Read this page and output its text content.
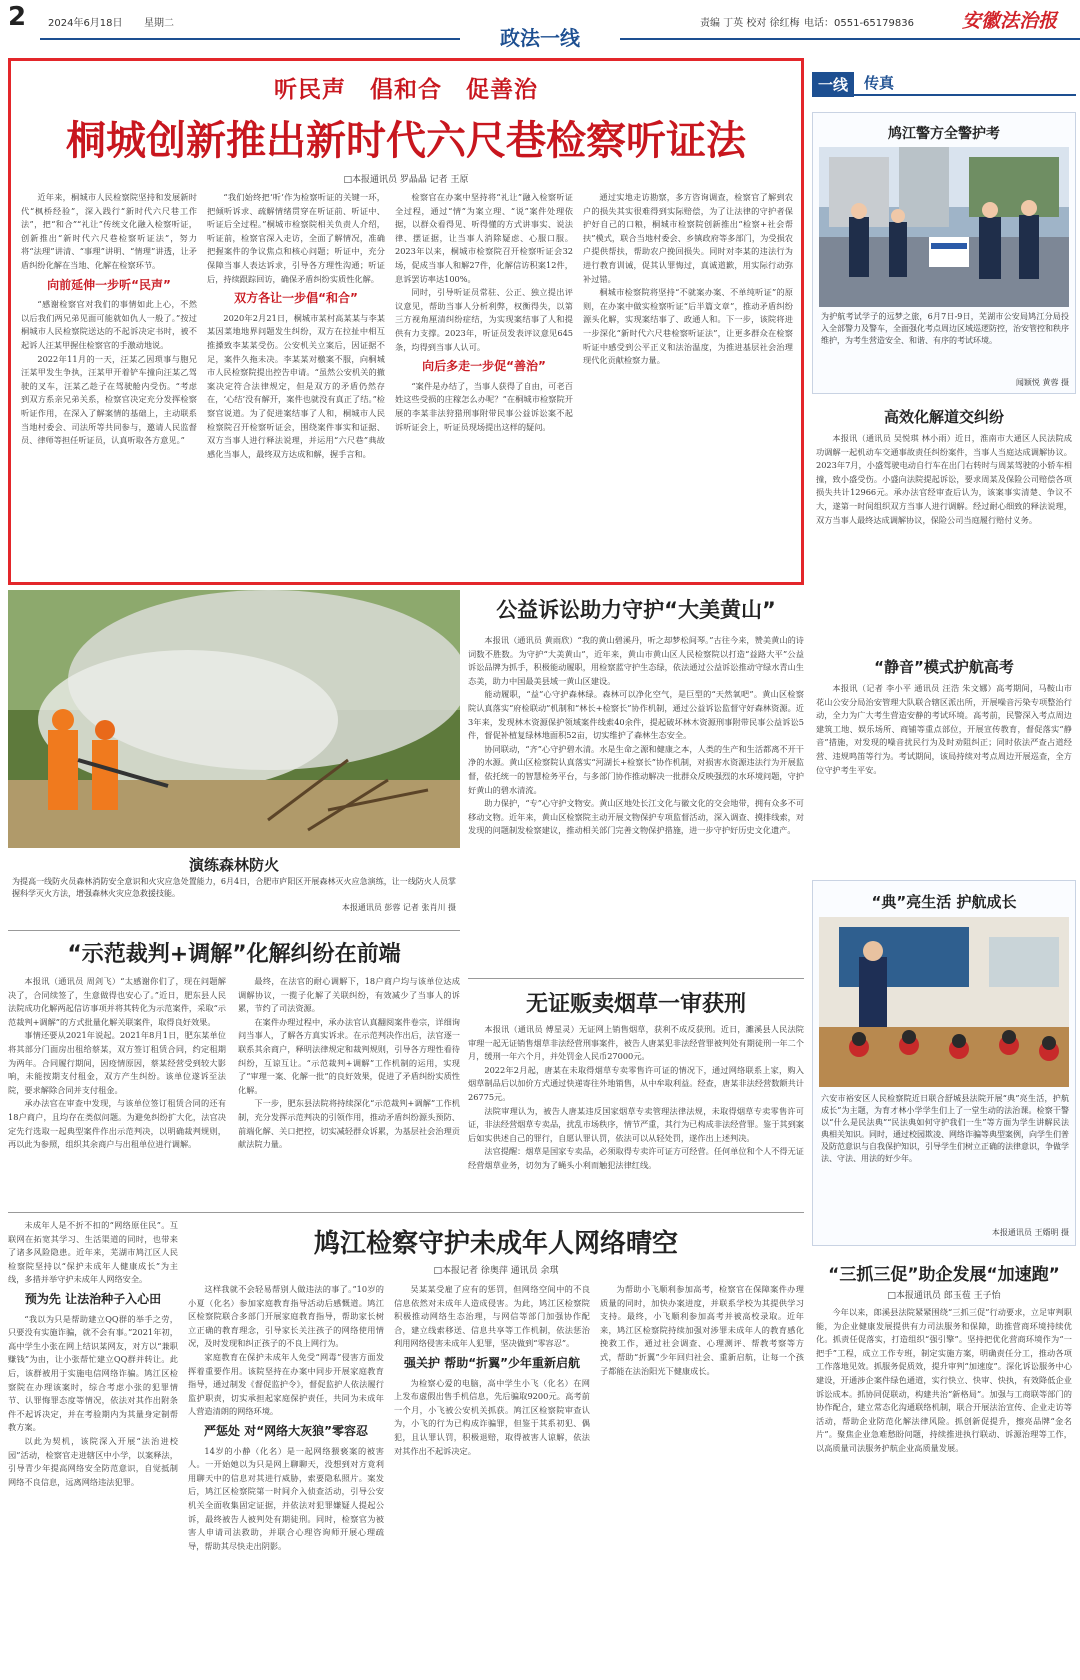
2 2024年6月18日 星期二
政法一线
责编 丁英 校对 徐红梅 电话：0551-65179836	安徽法治报
听民声　倡和合　促善治
桐城创新推出新时代六尺巷检察听证法
□本报通讯员 罗晶晶 记者 王原

近年来，桐城市人民检察院坚持和发展新时代“枫桥经验”，深入践行“新时代六尺巷工作法”，把“和合”“礼让”传统文化融入检察听证，创新推出“新时代六尺巷检察听证法”，努力将“法理”讲清、“事理”讲明、“情理”讲透，让矛盾纠纷化解在当地、化解在检察环节。

向前延伸一步听“民声”

“感谢检察官对我们的事情如此上心，不然以后我们两兄弟见面可能就如仇人一般了。”按过桐城市人民检察院送达的不起诉决定书时，被不起诉人汪某甲握住检察官的手激动地说。

2022年11月的一天，汪某乙因琐事与胞兄汪某甲发生争执，汪某甲开着铲车撞向汪某乙驾驶的叉车，汪某乙趁子在驾驶舱内受伤。“考虑到双方系亲兄弟关系，检察官决定充分发挥检察听证作用，在深入了解案情的基础上，主动联系当地村委会、司法所等共同参与，邀请人民监督员、律师等担任听证员，认真听取各方意见。”

“我们始终把‘听’作为检察听证的关键一环，把倾听诉求、疏解情绪贯穿在听证前、听证中、听证后全过程。”桐城市检察院相关负责人介绍，听证前，检察官深入走访，全面了解情况，准确把握案件的争议焦点和核心问题；听证中，充分保障当事人表达诉求，引导各方理性沟通；听证后，持续跟踪回访，确保矛盾纠纷实质性化解。

双方各让一步倡“和合”

2020年2月21日，桐城市某村高某某与李某某因菜地地界问题发生纠纷，双方在拉扯中相互推搡致李某某受伤。公安机关立案后，因证据不足，案件久拖未决。李某某对檄案不服，向桐城市人民检察院提出控告申请。“虽然公安机关的撤案决定符合法律规定，但是双方的矛盾仍然存在，‘心结’没有解开，案件也就没有真正了结。”检察官说道。为了促进案结事了人和，桐城市人民检察院召开检察听证会，围绕案件事实和证据、双方当事人进行释法说理，并运用“六尺巷”典故感化当事人，最终双方达成和解，握手言和。

检察官在办案中坚持将“礼让”融入检察听证全过程，通过“情”为案立理、“说”案件处理依据，以群众看得见、听得懂的方式讲事实、说法律、摆证据，让当事人消除疑虑、心服口服。2023年以来，桐城市检察院召开检察听证会32场，促成当事人和解27件，化解信访积案12件，息诉罢访率达100%。

同时，引导听证员常驻、公正、独立提出评议意见，帮助当事人分析利弊，权衡得失，以第三方视角厘清纠纷症结，为实现案结事了人和提供有力支撑。2023年，听证员发表评议意见645条，均得到当事人认可。

向后多走一步促“善治”

“案件是办结了，当事人获得了自由，可老百姓这些受损的庄稼怎么办呢？”在桐城市检察院开展的李某非法狩猎刑事附带民事公益诉讼案不起诉听证会上，听证员现场提出这样的疑问。

通过实地走访勘察，多方咨询调查，检察官了解到农户的损失其实很难得到实际赔偿，为了让法律的守护者保护好自己的口粮，桐城市检察院创新推出“检察+社会帮扶”模式，联合当地村委会、乡镇政府等多部门，为受损农户提供帮扶，帮助农户挽回损失。同时对李某的违法行为进行教育训诫，促其认罪悔过，真诚道歉，用实际行动弥补过错。

桐城市检察院将坚持“不就案办案、不单纯听证”的原则，在办案中做实检察听证“后半篇文章”，推动矛盾纠纷源头化解，实现案结事了、政通人和。下一步，该院将进一步深化“新时代六尺巷检察听证法”，让更多群众在检察听证中感受到公平正义和法治温度，为推进基层社会治理现代化贡献检察力量。

一线	传真
鸠江警方全警护考
为护航考试学子的远梦之旅，6月7日-9日，芜湖市公安局鸠江分局投入全部警力及警车，全面强化考点周边区域巡逻防控，治安管控和秩序维护，为考生营造安全、和谐、有序的考试环境。
闻颖悦 黄蓉 摄
高效化解道交纠纷

本报讯（通讯员 吴悦琪 林小雨）近日，淮南市大通区人民法院成功调解一起机动车交通事故责任纠纷案件，当事人当庭达成调解协议。2023年7月，小盛驾驶电动自行车在出门右转时与周某驾驶的小轿车相撞，致小盛受伤。小盛向法院提起诉讼，要求周某及保险公司赔偿各项损失共计12966元。承办法官经审查后认为，该案事实清楚、争议不大，遂第一时间组织双方当事人进行调解。经过耐心细致的释法说理，双方当事人最终达成调解协议，保险公司当庭履行赔付义务。

“静音”模式护航高考

本报讯（记者 李小平 通讯员 汪浩 朱文娜）高考期间，马鞍山市花山公安分局治安管理大队联合辖区派出所，开展噪音污染专项整治行动，全力为广大考生营造安静的考试环境。高考前，民警深入考点周边建筑工地、娱乐场所、商铺等重点部位，开展宣传教育，督促落实“静音”措施，对发现的噪音扰民行为及时劝阻纠正；同时依法严查占道经营、违规鸣笛等行为。考试期间，该局持续对考点周边开展巡查，全方位守护考生平安。

“典”亮生活 护航成长
六安市裕安区人民检察院近日联合舒城县法院开展“典”亮生活，护航成长”为主题，为育才林小学学生们上了一堂生动的法治课。检察干警以“什么是民法典”“民法典如何守护我们一生”等方面为学生讲解民法典相关知识。同时，通过校园欺凌、网络诈骗等典型案例，向学生们普及防范意识与自我保护知识，引导学生们树立正确的法律意识，争做学法、守法、用法的好少年。
本报通讯员 王婿明 摄
“三抓三促”助企发展“加速跑”
□本报通讯员 郎玉苞 王子怡

今年以来，郎溪县法院紧紧围绕“三抓三促”行动要求，立足审判职能，为企业健康发展提供有力司法服务和保障，助推营商环境持续优化。抓责任促落实，打造组织“强引擎”。坚持把优化营商环境作为“一把手”工程，成立工作专班，制定实施方案，明确责任分工，推动各项工作落地见效。抓服务促质效，提升审判“加速度”。深化诉讼服务中心建设，开通涉企案件绿色通道，实行快立、快审、快执，有效降低企业诉讼成本。抓协同促联动，构建共治“新格局”。加强与工商联等部门的协作配合，建立常态化沟通联络机制，联合开展法治宣传、企业走访等活动，帮助企业防范化解法律风险。抓创新促提升，擦亮品牌“金名片”。聚焦企业急难愁盼问题，持续推进执行联动、诉源治理等工作，以高质量司法服务护航企业高质量发展。

演练森林防火
为提高一线防火员森林消防安全意识和火灾应急处置能力，6月4日，合肥市庐阳区开展森林灭火应急演练，让一线防火人员掌握科学灭火方法，增强森林火灾应急救援技能。
本报通讯员 彭蓉 记者 张肖川 摄
公益诉讼助力守护“大美黄山”

本报讯（通讯员 黄雨欣）“我的黄山碧溪丹，听之却梦松间琴。”古往今来，赞美黄山的诗词数不胜数。为守护“大美黄山”，近年来，黄山市黄山区人民检察院以打造“益路大平”公益诉讼品牌为抓手，积极能动履职，用检察蓝守护生态绿，依法通过公益诉讼推动守绿水青山生态美，助力中国最美县域一黄山区建设。

能动履职，“益”心守护森林绿。森林可以净化空气，是巨型的“天然氧吧”。黄山区检察院认真落实“府检联动”机制和“林长+检察长”协作机制，通过公益诉讼监督守好森林资源。近3年来，发现林木资源保护领域案件线索40余件，提起破坏林木资源刑事附带民事公益诉讼5件，督促补植复绿林地面积52亩，切实维护了森林生态安全。

协同联动，“齐”心守护碧水清。水是生命之源和健康之本，人类的生产和生活都离不开干净的水源。黄山区检察院认真落实“河湖长+检察长”协作机制，对损害水资源违法行为开展监督，依托统一的智慧检务平台，与多部门协作推动解决一批群众反映强烈的水环境问题，守护好黄山的碧水清流。

助力保护，“专”心守护文物安。黄山区地处长江文化与徽文化的交会地带，拥有众多不可移动文物。近年来，黄山区检察院主动开展文物保护专项监督活动，深入调查、摸排线索，对发现的问题制发检察建议，推动相关部门完善文物保护措施，进一步守护好历史文化遗产。

“示范裁判+调解”化解纠纷在前端

本报讯（通讯员 周剑飞）“太感谢你们了，现在问题解决了，合同续签了，生意做得也安心了。”近日，肥东县人民法院成功化解两起信访事项并将其转化为示范案件，采取“示范裁判+调解”的方式批量化解关联案件，取得良好效果。

事情还要从2021年说起。2021年8月1日，肥东某单位将其部分门面房出租给蔡某，双方签订租赁合同，约定租期为两年。合同履行期间，因疫情原因，蔡某经营受到较大影响，未能按期支付租金，双方产生纠纷。该单位遂诉至法院，要求解除合同并支付租金。

承办法官在审查中发现，与该单位签订租赁合同的还有18户商户，且均存在类似问题。为避免纠纷扩大化，法官决定先行选取一起典型案件作出示范判决，以明确裁判规则，再以此为参照，组织其余商户与出租单位进行调解。

最终，在法官的耐心调解下，18户商户均与该单位达成调解协议，一揽子化解了关联纠纷，有效减少了当事人的诉累，节约了司法资源。

在案件办理过程中，承办法官认真翻阅案件卷宗，详细询问当事人，了解各方真实诉求。在示范判决作出后，法官逐一联系其余商户，释明法律规定和裁判规则，引导各方理性看待纠纷，互谅互让。“示范裁判+调解”工作机制的运用，实现了“审理一案、化解一批”的良好效果，促进了矛盾纠纷实质性化解。

下一步，肥东县法院将持续深化“示范裁判+调解”工作机制，充分发挥示范判决的引领作用，推动矛盾纠纷源头预防、前端化解、关口把控，切实减轻群众诉累，为基层社会治理贡献法院力量。

无证贩卖烟草一审获刑

本报讯（通讯员 傅星灵）无证网上销售烟草，获利不成反获刑。近日，濉溪县人民法院审理一起无证销售烟草非法经营刑事案件，被告人唐某犯非法经营罪被判处有期徒刑一年二个月，缓刑一年六个月，并处罚金人民币27000元。

2022年2月起，唐某在未取得烟草专卖零售许可证的情况下，通过网络联系上家，购入烟草制品后以加价方式通过快递寄往外地销售，从中牟取利益。经查，唐某非法经营数额共计26775元。

法院审理认为，被告人唐某违反国家烟草专卖管理法律法规，未取得烟草专卖零售许可证，非法经营烟草专卖品，扰乱市场秩序，情节严重，其行为已构成非法经营罪。鉴于其到案后如实供述自己的罪行，自愿认罪认罚，依法可以从轻处罚，遂作出上述判决。

法官提醒：烟草是国家专卖品，必须取得专卖许可证方可经营。任何单位和个人不得无证经营烟草业务，切勿为了蝇头小利而触犯法律红线。

鸠江检察守护未成年人网络晴空
□本报记者 徐奥萍 通讯员 余琪

未成年人是不折不扣的“网络原住民”。互联网在拓宽其学习、生活渠道的同时，也带来了诸多风险隐患。近年来，芜湖市鸠江区人民检察院坚持以“保护未成年人健康成长”为主线，多措并举守护未成年人网络安全。

预为先 让法治种子入心田

“我以为只是帮助建立QQ群的举手之劳，只要没有实施诈骗，就不会有事。”2021年初，高中学生小张在网上结识某网友，对方以“兼职赚钱”为由，让小张帮忙建立QQ群并转让。此后，该群被用于实施电信网络诈骗。鸠江区检察院在办理该案时，综合考虑小张的犯罪情节、认罪悔罪态度等情况，依法对其作出附条件不起诉决定，并在考验期内为其量身定制帮教方案。

以此为契机，该院深入开展“法治进校园”活动，检察官走进辖区中小学，以案释法，引导青少年提高网络安全防范意识，自觉抵制网络不良信息，远离网络违法犯罪。

这样我就不会轻易帮别人做违法的事了。”10岁的小夏（化名）参加家庭教育指导活动后感慨道。鸠江区检察院联合多部门开展家庭教育指导，帮助家长树立正确的教育理念，引导家长关注孩子的网络使用情况，及时发现和纠正孩子的不良上网行为。

家庭教育在保护未成年人免受“网毒”侵害方面发挥着重要作用。该院坚持在办案中同步开展家庭教育指导，通过制发《督促监护令》，督促监护人依法履行监护职责，切实承担起家庭保护责任，共同为未成年人营造清朗的网络环境。

严惩处 对“网络大灰狼”零容忍

14岁的小静（化名）是一起网络猥亵案的被害人。一开始她以为只是网上聊聊天，没想到对方竟利用聊天中的信息对其进行威胁，索要隐私照片。案发后，鸠江区检察院第一时间介入侦查活动，引导公安机关全面收集固定证据，并依法对犯罪嫌疑人提起公诉，最终被告人被判处有期徒刑。同时，检察官为被害人申请司法救助，并联合心理咨询师开展心理疏导，帮助其尽快走出阴影。

吴某某受雇了应有的惩罚，但网络空间中的不良信息依然对未成年人造成侵害。为此，鸠江区检察院积极推动网络生态治理，与网信等部门加强协作配合，建立线索移送、信息共享等工作机制，依法惩治利用网络侵害未成年人犯罪，坚决做到“零容忍”。

强关护 帮助“折翼”少年重新启航

为检察心爱的电脑，高中学生小飞（化名）在网上发布虚假出售手机信息，先后骗取9200元。高考前一个月，小飞被公安机关抓获。鸠江区检察院审查认为，小飞的行为已构成诈骗罪，但鉴于其系初犯、偶犯，且认罪认罚，积极退赔，取得被害人谅解，依法对其作出不起诉决定。

为帮助小飞顺利参加高考，检察官在保障案件办理质量的同时，加快办案进度，并联系学校为其提供学习支持。最终，小飞顺利参加高考并被高校录取。近年来，鸠江区检察院持续加强对涉罪未成年人的教育感化挽救工作，通过社会调查、心理测评、帮教考察等方式，帮助“折翼”少年回归社会、重新启航，让每一个孩子都能在法治阳光下健康成长。
